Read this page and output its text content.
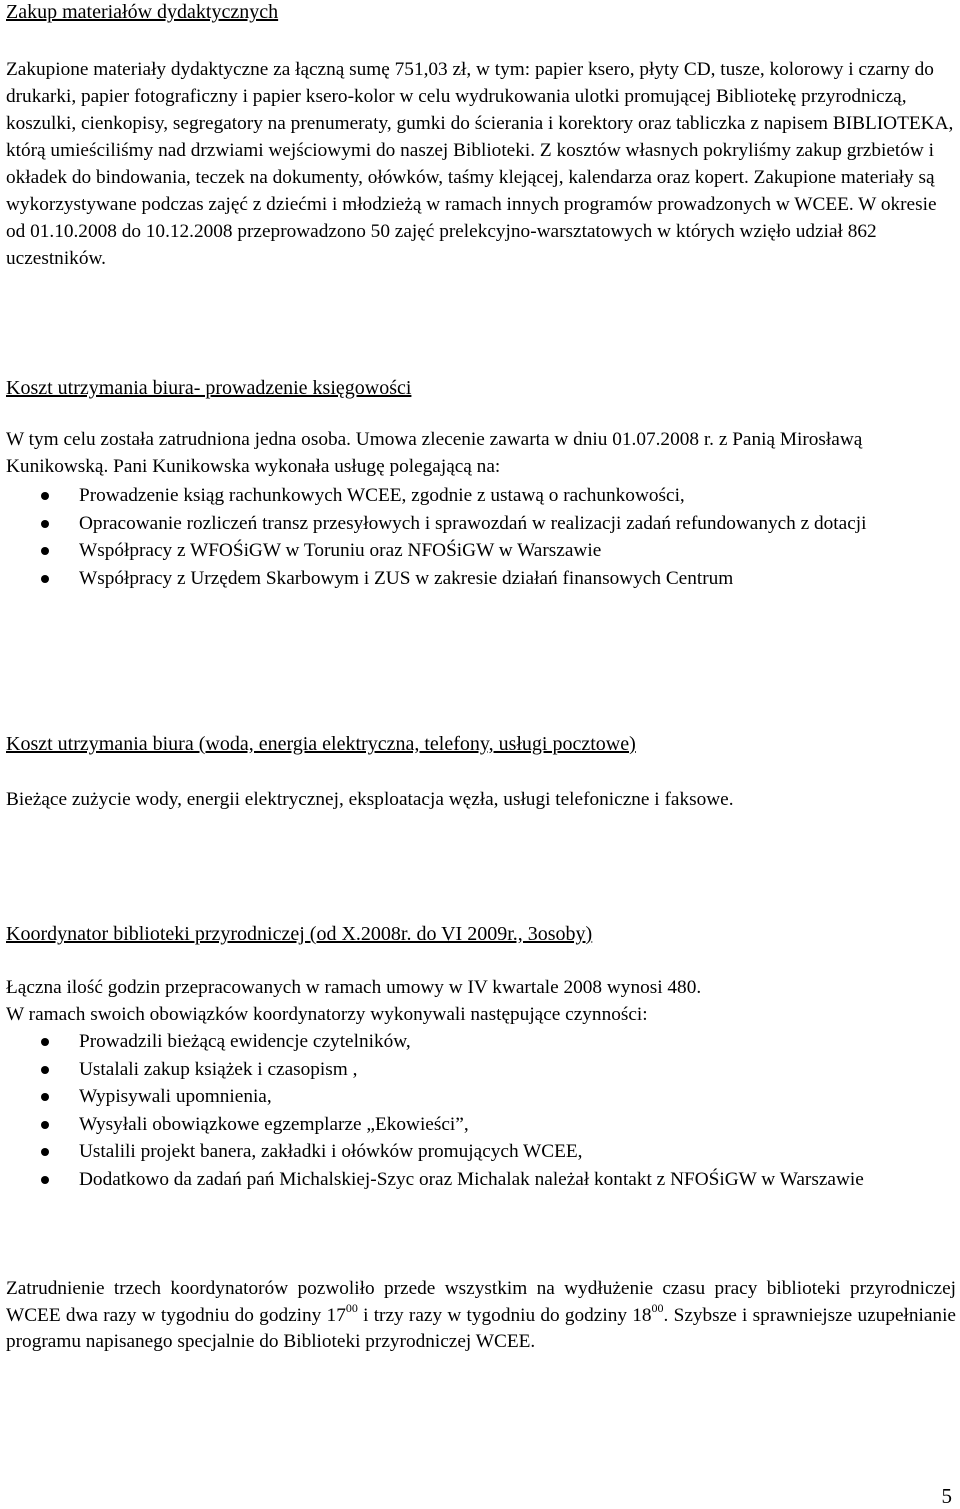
Zakup materiałów dydaktycznych
Zakupione materiały dydaktyczne za łączną sumę 751,03 zł, w tym: papier ksero, płyty CD, tusze, kolorowy i czarny do drukarki, papier fotograficzny i papier ksero-kolor w celu wydrukowania ulotki promującej Bibliotekę przyrodniczą, koszulki, cienkopisy, segregatory na prenumeraty, gumki do ścierania i korektory oraz tabliczka z napisem BIBLIOTEKA, którą umieściliśmy nad drzwiami wejściowymi do naszej Biblioteki. Z kosztów własnych pokryliśmy zakup grzbietów i okładek do bindowania, teczek na dokumenty, ołówków, taśmy klejącej, kalendarza oraz kopert. Zakupione materiały są wykorzystywane podczas zajęć z dziećmi i młodzieżą w ramach innych programów prowadzonych w WCEE. W okresie od 01.10.2008 do 10.12.2008 przeprowadzono 50 zajęć prelekcyjno-warsztatowych w których wzięło udział 862 uczestników.
Koszt utrzymania biura- prowadzenie księgowości
W tym celu została zatrudniona jedna osoba. Umowa zlecenie zawarta w dniu 01.07.2008 r. z Panią Mirosławą Kunikowską. Pani Kunikowska wykonała usługę polegającą na:
Prowadzenie ksiąg rachunkowych WCEE, zgodnie z ustawą o rachunkowości,
Opracowanie rozliczeń transz przesyłowych i sprawozdań w realizacji zadań refundowanych z dotacji
Współpracy z WFOŚiGW w Toruniu oraz NFOŚiGW w Warszawie
Współpracy z Urzędem Skarbowym i ZUS w zakresie działań finansowych Centrum
Koszt utrzymania biura (woda, energia elektryczna, telefony, usługi pocztowe)
Bieżące zużycie wody, energii elektrycznej, eksploatacja węzła, usługi telefoniczne i faksowe.
Koordynator biblioteki przyrodniczej (od X.2008r. do VI 2009r., 3osoby)
Łączna ilość godzin przepracowanych w ramach umowy w IV kwartale 2008 wynosi 480.
W ramach swoich obowiązków koordynatorzy wykonywali następujące czynności:
Prowadzili bieżącą ewidencje czytelników,
Ustalali zakup książek i czasopism ,
Wypisywali upomnienia,
Wysyłali obowiązkowe egzemplarze „Ekowieści”,
Ustalili projekt banera, zakładki i ołówków promujących WCEE,
Dodatkowo da zadań pań Michalskiej-Szyc oraz Michalak należał kontakt z NFOŚiGW w Warszawie
Zatrudnienie trzech koordynatorów pozwoliło przede wszystkim na wydłużenie czasu pracy biblioteki przyrodniczej WCEE dwa razy w tygodniu do godziny $17^{00}$ i trzy razy w tygodniu do godziny $18^{00}$. Szybsze i sprawniejsze uzupełnianie programu napisanego specjalnie do Biblioteki przyrodniczej WCEE.
5
